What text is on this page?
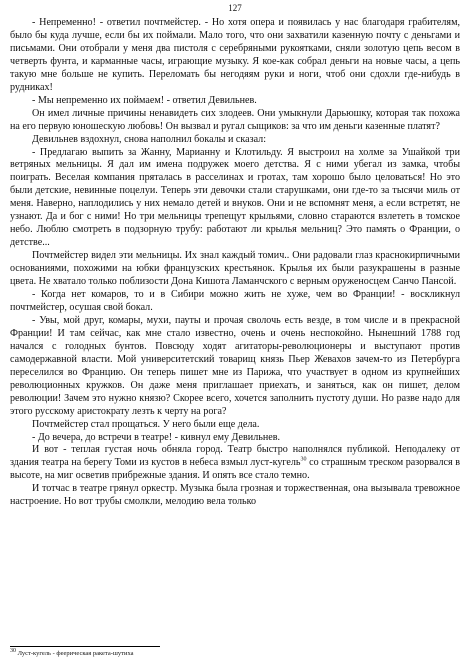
127

- Непременно! - ответил почтмейстер. - Но хотя опера и появилась у нас благодаря грабителям, было бы куда лучше, если бы их поймали. Мало того, что они захватили казенную почту с деньгами и письмами. Они отобрали у меня два пистоля с серебряными рукоятками, сняли золотую цепь весом в четверть фунта, и карманные часы, играющие музыку. Я кое-как собрал деньги на новые часы, а цепь такую мне больше не купить. Переломать бы негодяям руки и ноги, чтоб они сдохли где-нибудь в рудниках!

- Мы непременно их поймаем! - ответил Девильнев.

Он имел личные причины ненавидеть сих злодеев. Они умыкнули Дарьюшку, которая так похожа на его первую юношескую любовь! Он вызвал и ругал сыщиков: за что им деньги казенные платят?

Девильнев вздохнул, снова наполнил бокалы и сказал:

- Предлагаю выпить за Жанну, Марианну и Клотильду. Я выстроил на холме за Ушайкой три ветряных мельницы. Я дал им имена подружек моего детства. Я с ними убегал из замка, чтобы поиграть. Веселая компания пряталась в расселинах и гротах, там хорошо было целоваться! Но это были детские, невинные поцелуи. Теперь эти девочки стали старушками, они где-то за тысячи миль от меня. Наверно, наплодились у них немало детей и внуков. Они и не вспомнят меня, а если встретят, не узнают. Да и бог с ними! Но три мельницы трепещут крыльями, словно стараются взлететь в томское небо. Люблю смотреть в подзорную трубу: работают ли крылья мельниц? Это память о Франции, о детстве...

Почтмейстер видел эти мельницы. Их знал каждый томич.. Они радовали глаз краснокирпичными основаниями, похожими на юбки французских крестьянок. Крылья их были разукрашены в разные цвета. Не хватало только поблизости Дона Кишота Ламанчского с верным оруженосцем Санчо Пансой.

- Когда нет комаров, то и в Сибири можно жить не хуже, чем во Франции! - воскликнул почтмейстер, осушая свой бокал.

- Увы, мой друг, комары, мухи, пауты и прочая сволочь есть везде, в том числе и в прекрасной Франции! И там сейчас, как мне стало известно, очень и очень неспокойно. Нынешний 1788 год начался с голодных бунтов. Повсюду ходят агитаторы-революционеры и выступают против самодержавной власти. Мой университетский товарищ князь Пьер Жевахов зачем-то из Петербурга переселился во Францию. Он теперь пишет мне из Парижа, что участвует в одном из крупнейших революционных кружков. Он даже меня приглашает приехать, и заняться, как он пишет, делом революции! Зачем это нужно князю? Скорее всего, хочется заполнить пустоту души. Но разве надо для этого русскому аристократу лезть к черту на рога?

Почтмейстер стал прощаться. У него были еще дела.

- До вечера, до встречи в театре! - кивнул ему Девильнев.

И вот - теплая густая ночь обняла город. Театр быстро наполнялся публикой. Неподалеку от здания театра на берегу Томи из кустов в небеса взмыл луст-кугель$^{30}$ со страшным треском разорвался в высоте, на миг осветив прибрежные здания. И опять все стало темно.

И тотчас в театре грянул оркестр. Музыка была грозная и торжественная, она вызывала тревожное настроение. Но вот трубы смолкли, мелодию вела только

$^{30}$ Луст-кугель - феерическая ракета-шутиха
